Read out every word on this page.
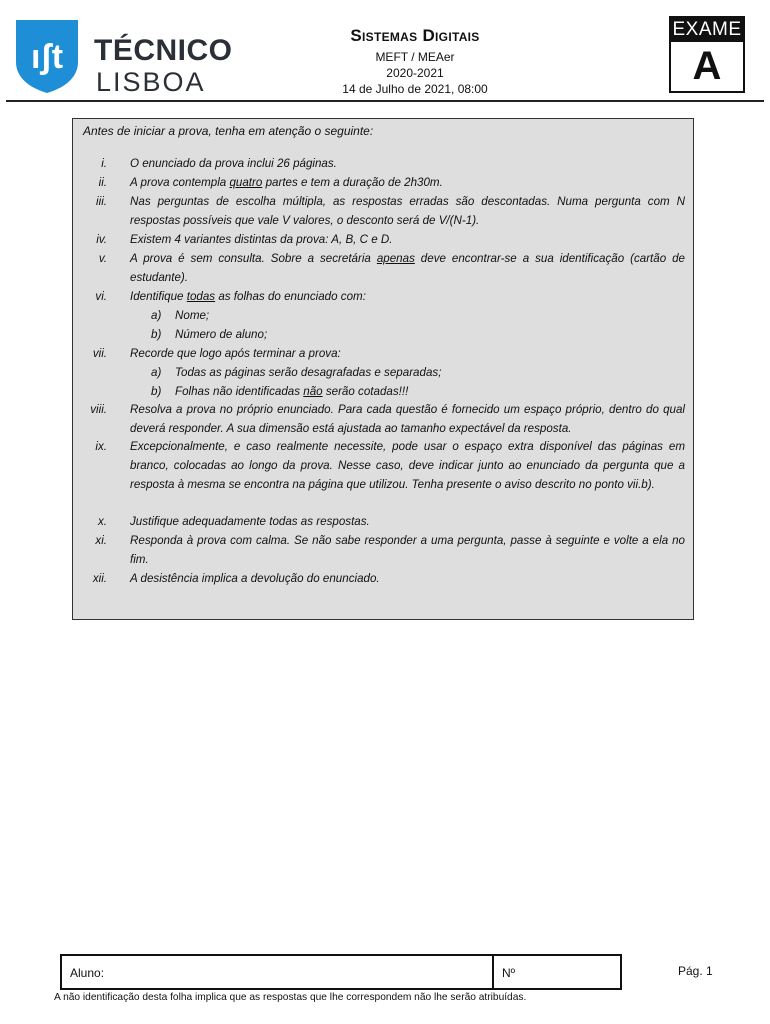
ıʃt TÉCNICO
LISBOA
Sistemas Digitais
MEFT / MEAer
2020-2021
14 de Julho de 2021, 08:00
EXAME
A
Antes de iniciar a prova, tenha em atenção o seguinte:
i. O enunciado da prova inclui 26 páginas.
ii. A prova contempla quatro partes e tem a duração de 2h30m.
iii. Nas perguntas de escolha múltipla, as respostas erradas são descontadas. Numa pergunta com N respostas possíveis que vale V valores, o desconto será de V/(N-1).
iv. Existem 4 variantes distintas da prova: A, B, C e D.
v. A prova é sem consulta. Sobre a secretária apenas deve encontrar-se a sua identificação (cartão de estudante).
vi. Identifique todas as folhas do enunciado com:
a) Nome;
b) Número de aluno;
vii. Recorde que logo após terminar a prova:
a) Todas as páginas serão desagrafadas e separadas;
b) Folhas não identificadas não serão cotadas!!!
viii. Resolva a prova no próprio enunciado. Para cada questão é fornecido um espaço próprio, dentro do qual deverá responder. A sua dimensão está ajustada ao tamanho expectável da resposta.
ix. Excepcionalmente, e caso realmente necessite, pode usar o espaço extra disponível das páginas em branco, colocadas ao longo da prova. Nesse caso, deve indicar junto ao enunciado da pergunta que a resposta à mesma se encontra na página que utilizou. Tenha presente o aviso descrito no ponto vii.b).
x. Justifique adequadamente todas as respostas.
xi. Responda à prova com calma. Se não sabe responder a uma pergunta, passe à seguinte e volte a ela no fim.
xii. A desistência implica a devolução do enunciado.
Aluno:	Nº	Pág. 1
A não identificação desta folha implica que as respostas que lhe correspondem não lhe serão atribuídas.
